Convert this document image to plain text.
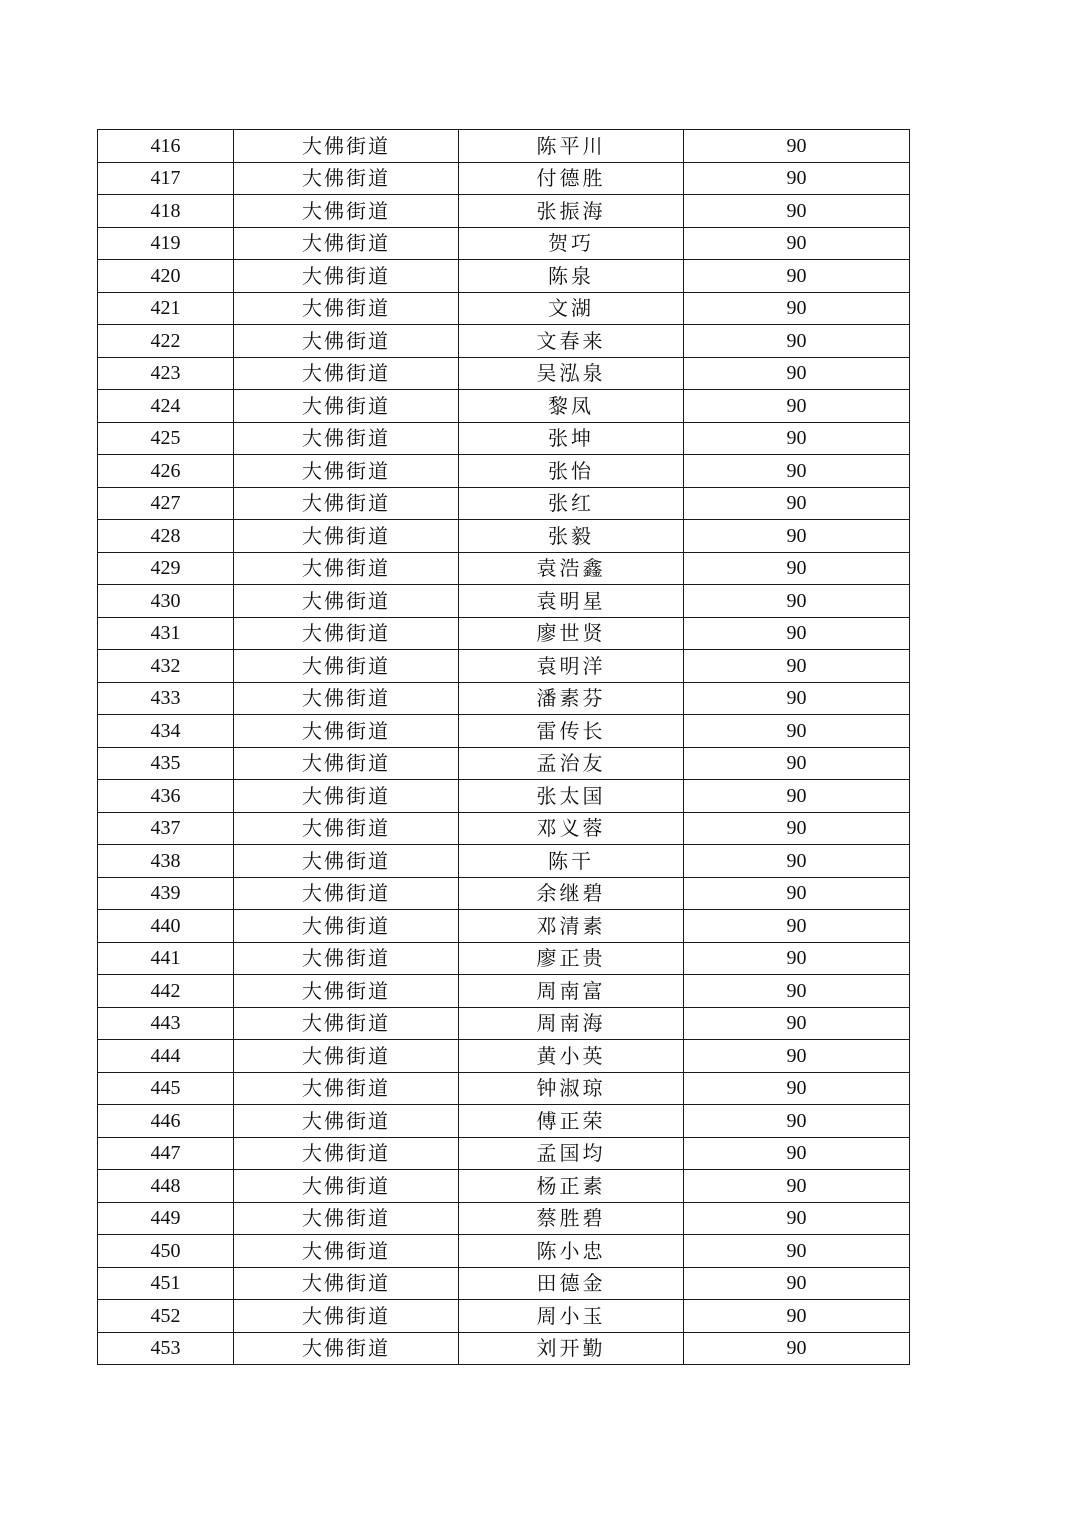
416	大佛街道	陈平川	90
417	大佛街道	付德胜	90
418	大佛街道	张振海	90
419	大佛街道	贺巧	90
420	大佛街道	陈泉	90
421	大佛街道	文湖	90
422	大佛街道	文春来	90
423	大佛街道	吴泓泉	90
424	大佛街道	黎凤	90
425	大佛街道	张坤	90
426	大佛街道	张怡	90
427	大佛街道	张红	90
428	大佛街道	张毅	90
429	大佛街道	袁浩鑫	90
430	大佛街道	袁明星	90
431	大佛街道	廖世贤	90
432	大佛街道	袁明洋	90
433	大佛街道	潘素芬	90
434	大佛街道	雷传长	90
435	大佛街道	孟治友	90
436	大佛街道	张太国	90
437	大佛街道	邓义蓉	90
438	大佛街道	陈干	90
439	大佛街道	余继碧	90
440	大佛街道	邓清素	90
441	大佛街道	廖正贵	90
442	大佛街道	周南富	90
443	大佛街道	周南海	90
444	大佛街道	黄小英	90
445	大佛街道	钟淑琼	90
446	大佛街道	傅正荣	90
447	大佛街道	孟国均	90
448	大佛街道	杨正素	90
449	大佛街道	蔡胜碧	90
450	大佛街道	陈小忠	90
451	大佛街道	田德金	90
452	大佛街道	周小玉	90
453	大佛街道	刘开勤	90
